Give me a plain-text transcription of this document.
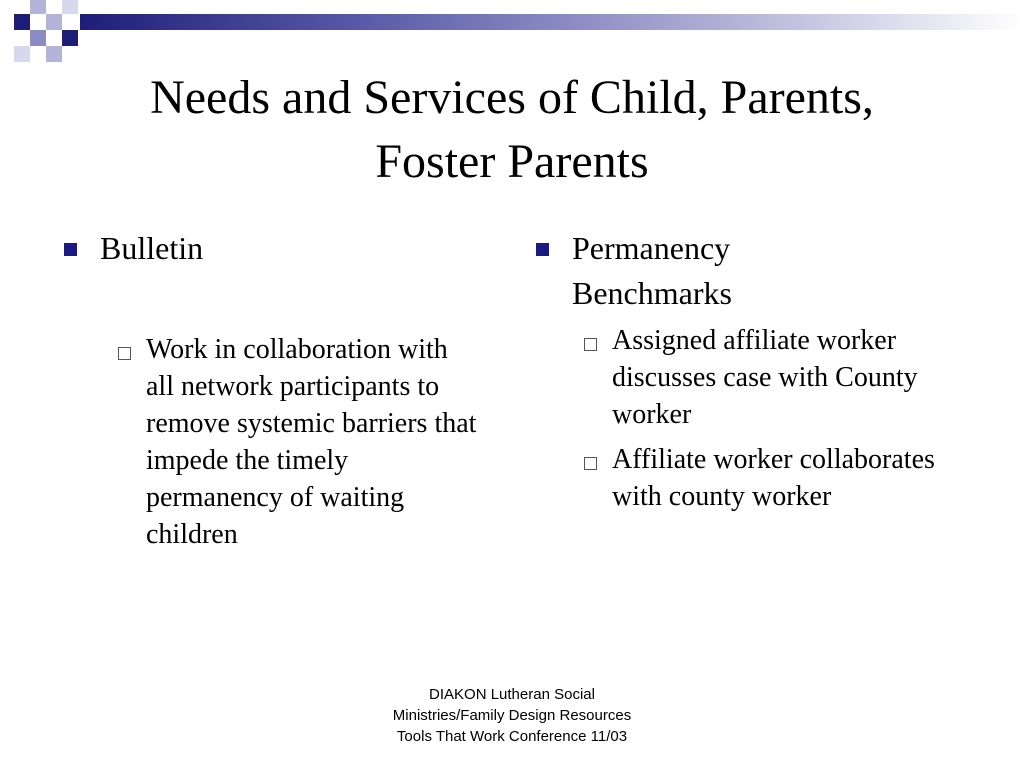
Needs and Services of Child, Parents,
Foster Parents
Bulletin
Work in collaboration with all network participants to remove systemic barriers that impede the timely permanency of waiting children
Permanency
Benchmarks
Assigned affiliate worker discusses case with County worker
Affiliate worker collaborates with county worker
DIAKON Lutheran Social
Ministries/Family Design Resources
Tools That Work Conference 11/03
